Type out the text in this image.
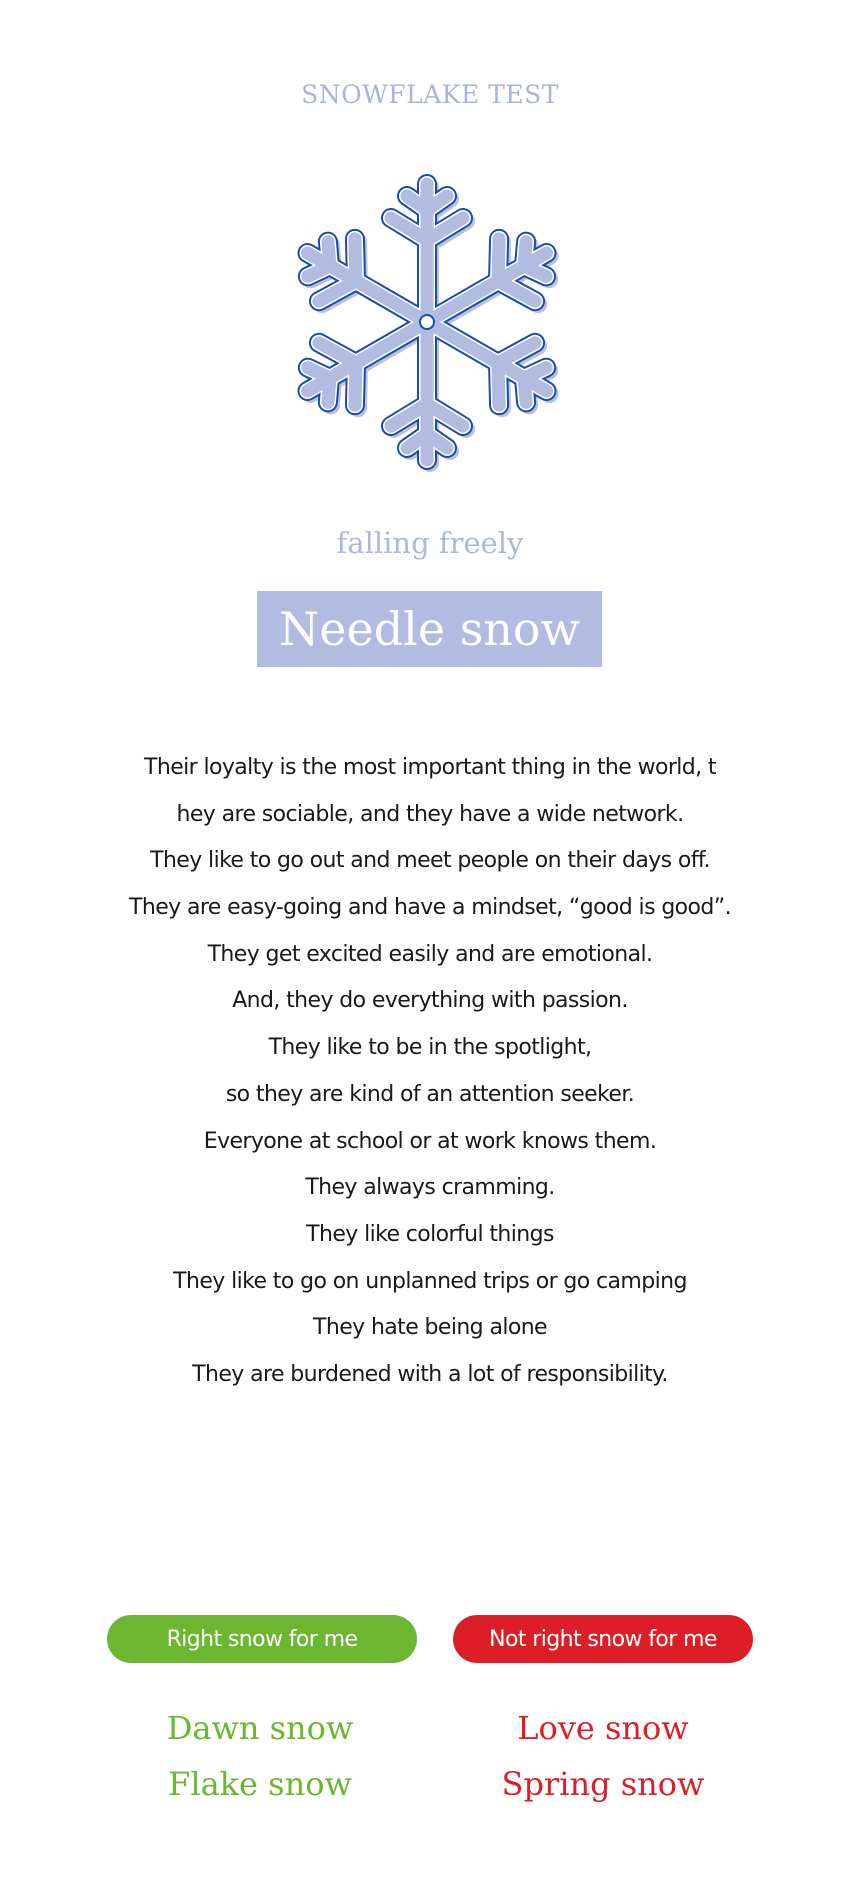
SNOWFLAKE TEST
falling freely
Needle snow
Their loyalty is the most important thing in the world, t
hey are sociable, and they have a wide network.
They like to go out and meet people on their days off.
They are easy-going and have a mindset, “good is good”.
They get excited easily and are emotional.
And, they do everything with passion.
They like to be in the spotlight,
so they are kind of an attention seeker.
Everyone at school or at work knows them.
They always cramming.
They like colorful things
They like to go on unplanned trips or go camping
They hate being alone
They are burdened with a lot of responsibility.
Right snow for me	Not right snow for me
Dawn snow
Flake snow
Love snow
Spring snow
